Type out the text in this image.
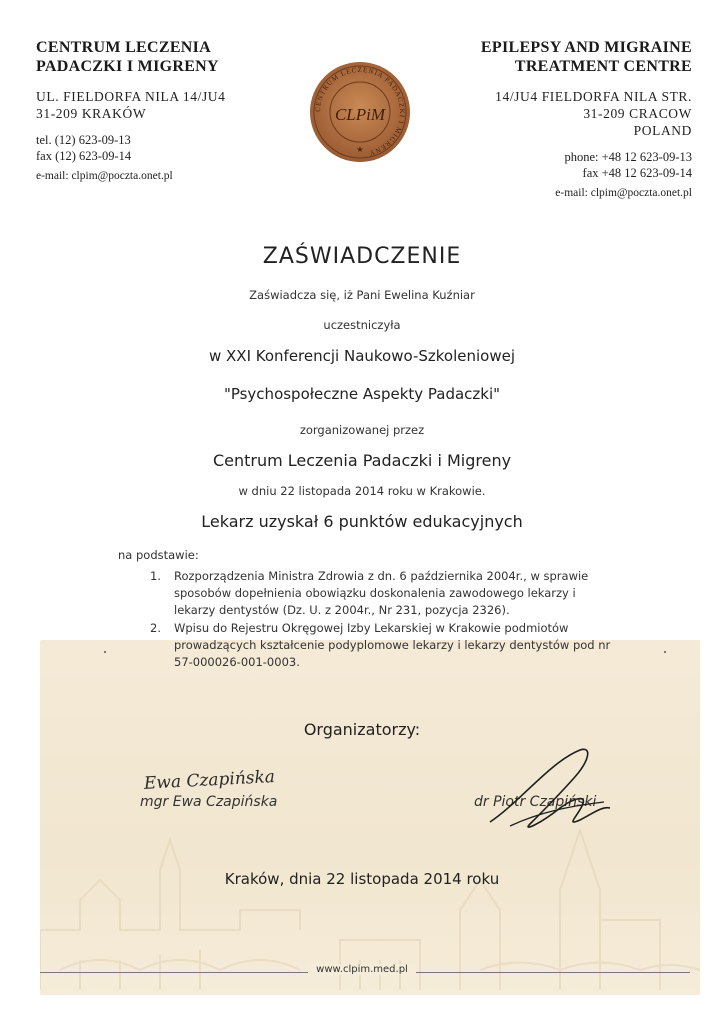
CENTRUM LECZENIA
PADACZKI I MIGRENY
UL. FIELDORFA NILA 14/JU4
31-209 KRAKÓW
tel. (12) 623-09-13
fax (12) 623-09-14
e-mail: clpim@poczta.onet.pl
CENTRUM LECZENIA PADACZKI I MIGRENY
CLPiM
★
EPILEPSY AND MIGRAINE
TREATMENT CENTRE
14/JU4 FIELDORFA NILA STR.
31-209 CRACOW
POLAND
phone: +48 12 623-09-13
fax +48 12 623-09-14
e-mail: clpim@poczta.onet.pl
ZAŚWIADCZENIE
Zaświadcza się, iż Pani Ewelina Kuźniar
uczestniczyła
w XXI Konferencji Naukowo-Szkoleniowej
"Psychospołeczne Aspekty Padaczki"
zorganizowanej przez
Centrum Leczenia Padaczki i Migreny
w dniu 22 listopada 2014 roku w Krakowie.
Lekarz uzyskał 6 punktów edukacyjnych
na podstawie:
1. Rozporządzenia Ministra Zdrowia z dn. 6 października 2004r., w sprawie sposobów dopełnienia obowiązku doskonalenia zawodowego lekarzy i lekarzy dentystów (Dz. U. z 2004r., Nr 231, pozycja 2326).
2. Wpisu do Rejestru Okręgowej Izby Lekarskiej w Krakowie podmiotów prowadzących kształcenie podyplomowe lekarzy i lekarzy dentystów pod nr 57-000026-001-0003.
Organizatorzy:
Ewa Czapińska
mgr Ewa Czapińska	dr Piotr Czapiński
Kraków, dnia 22 listopada 2014 roku
www.clpim.med.pl
